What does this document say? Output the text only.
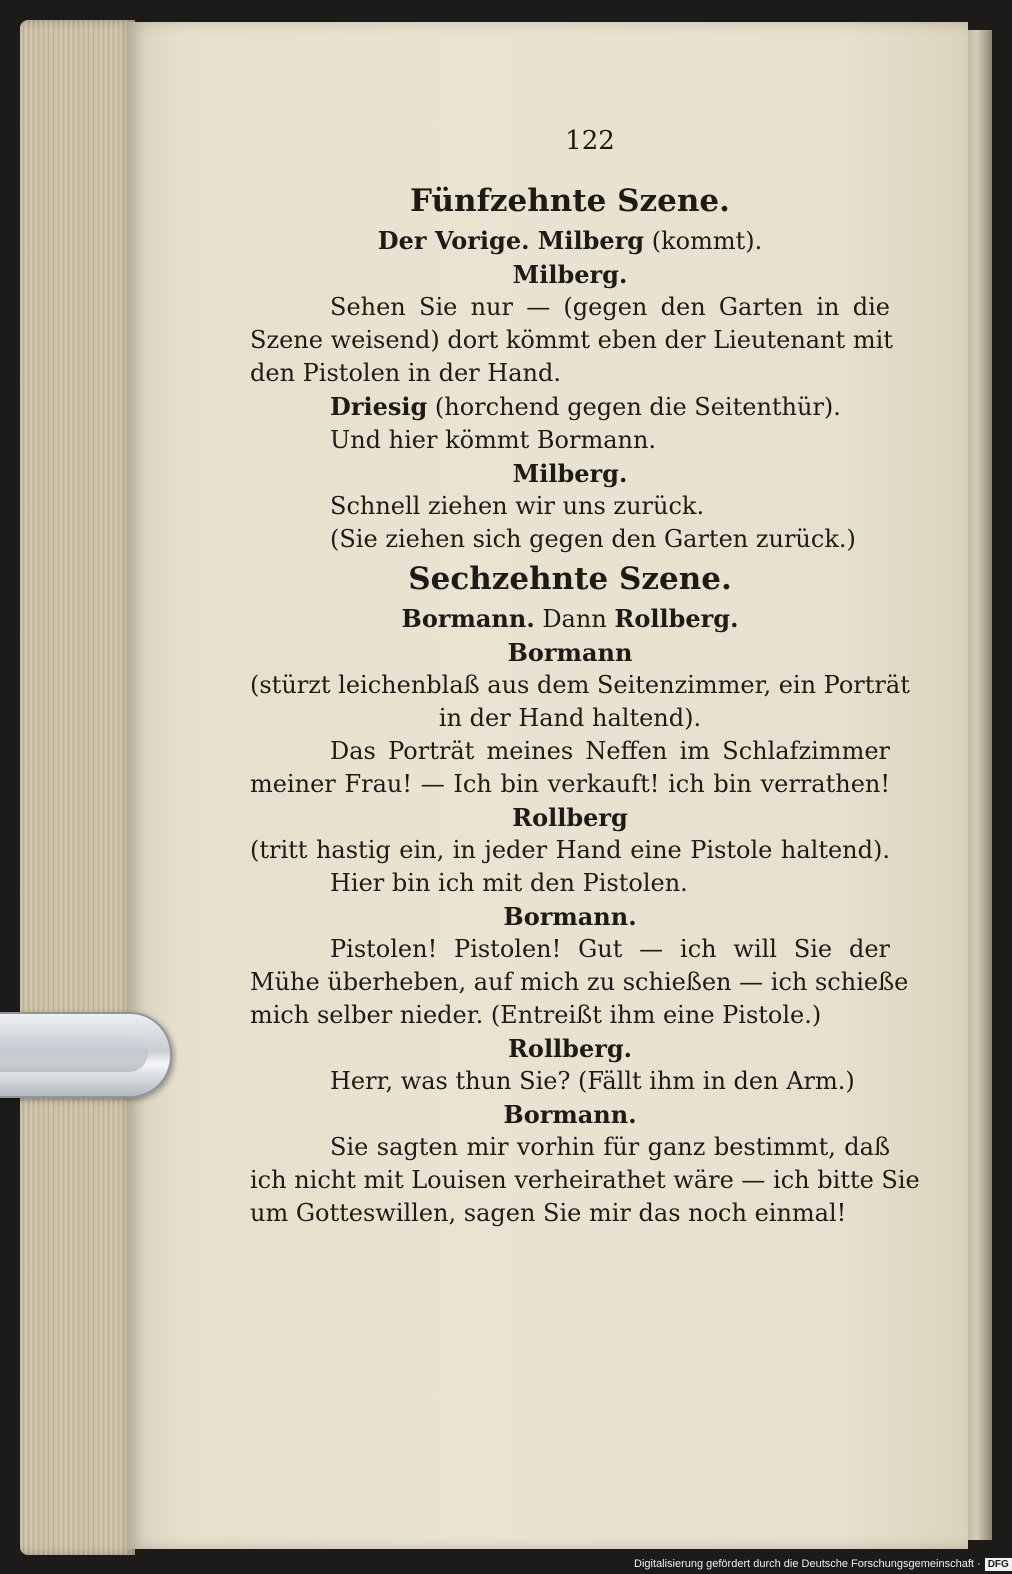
122

Fünfzehnte Szene.

Der Vorige. Milberg (kommt).

Milberg.

Sehen Sie nur — (gegen den Garten in die

Szene weisend) dort kömmt eben der Lieutenant mit

den Pistolen in der Hand.

Driesig (horchend gegen die Seitenthür).

Und hier kömmt Bormann.

Milberg.

Schnell ziehen wir uns zurück.

(Sie ziehen sich gegen den Garten zurück.)

Sechzehnte Szene.

Bormann. Dann Rollberg.

Bormann

(stürzt leichenblaß aus dem Seitenzimmer, ein Porträt

in der Hand haltend).

Das Porträt meines Neffen im Schlafzimmer

meiner Frau! — Ich bin verkauft! ich bin verrathen!

Rollberg

(tritt hastig ein, in jeder Hand eine Pistole haltend).

Hier bin ich mit den Pistolen.

Bormann.

Pistolen! Pistolen! Gut — ich will Sie der

Mühe überheben, auf mich zu schießen — ich schieße

mich selber nieder. (Entreißt ihm eine Pistole.)

Rollberg.

Herr, was thun Sie? (Fällt ihm in den Arm.)

Bormann.

Sie sagten mir vorhin für ganz bestimmt, daß

ich nicht mit Louisen verheirathet wäre — ich bitte Sie

um Gotteswillen, sagen Sie mir das noch einmal!

Digitalisierung gefördert durch die Deutsche Forschungsgemeinschaft · DFG
